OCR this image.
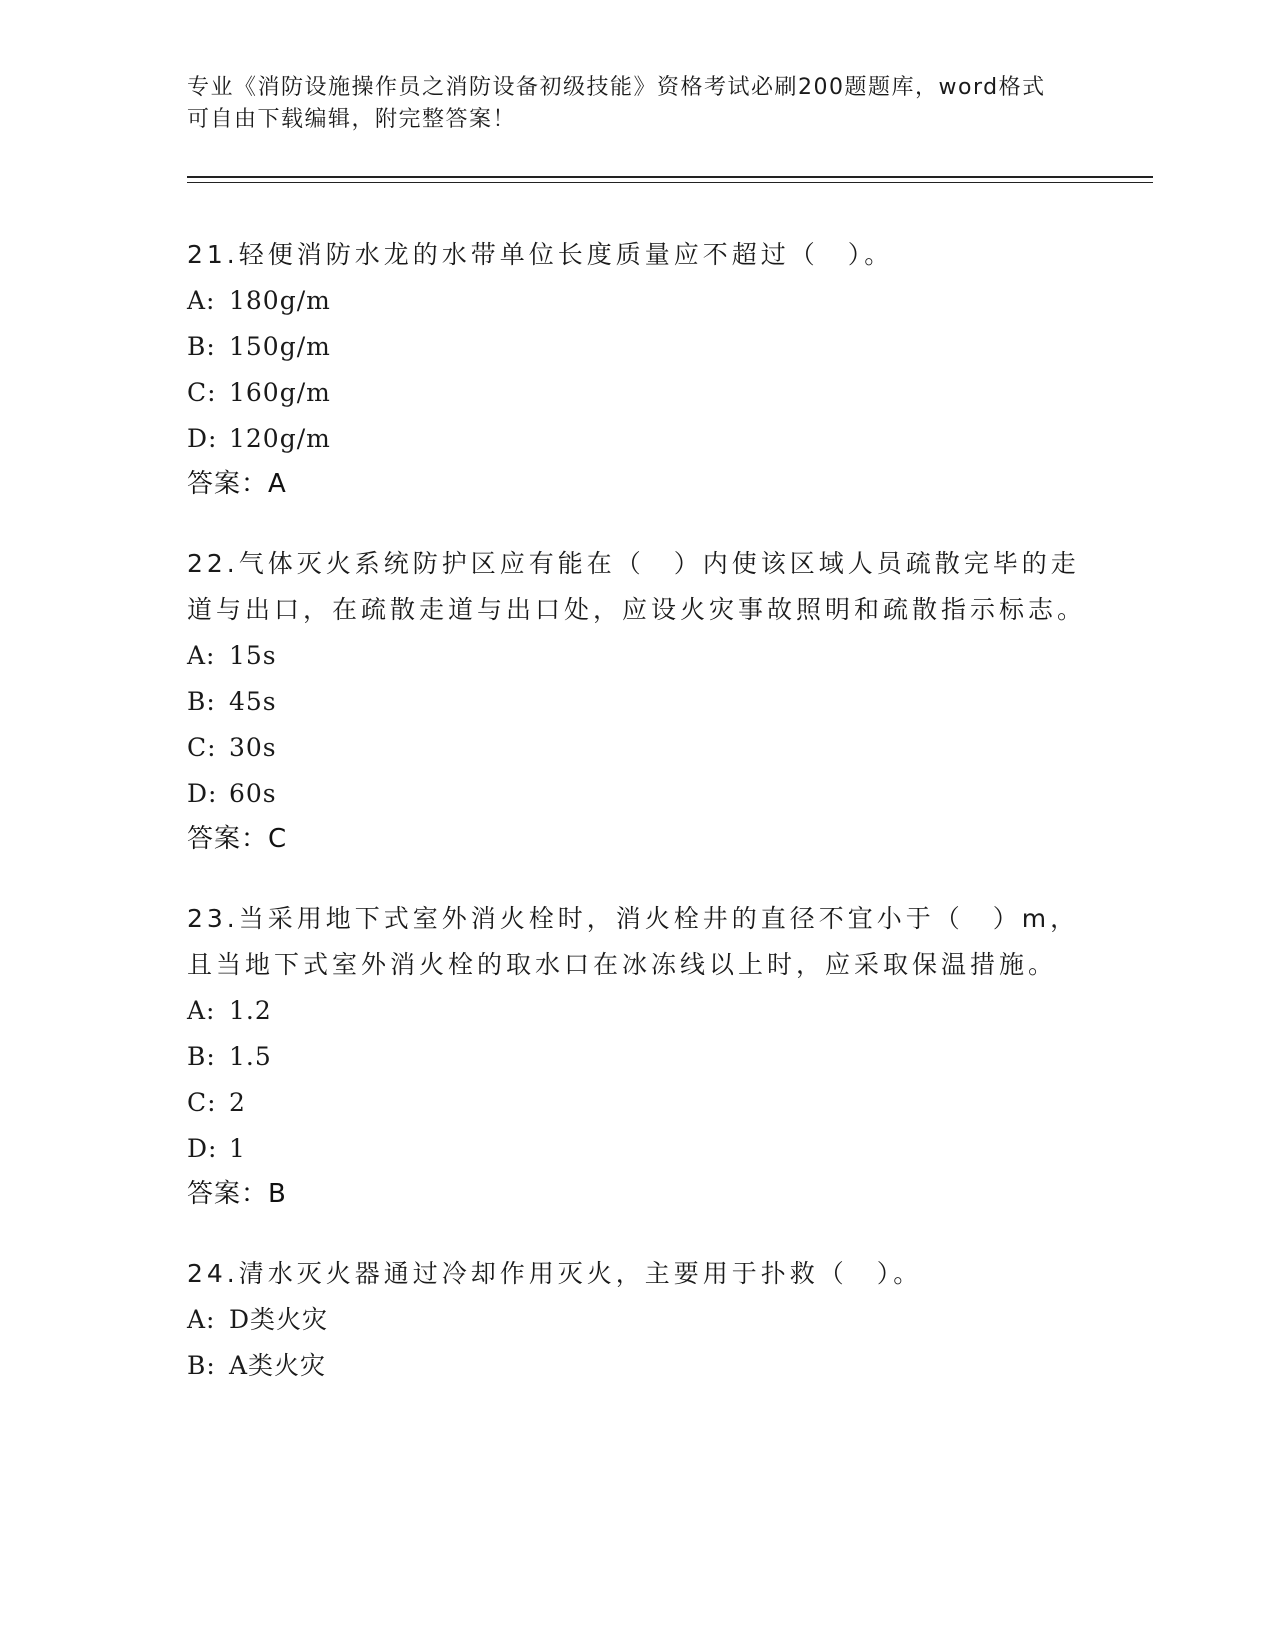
专业《消防设施操作员之消防设备初级技能》资格考试必刷200题题库，word格式可自由下载编辑，附完整答案！
21.轻便消防水龙的水带单位长度质量应不超过（　）。
A: 180g/m
B: 150g/m
C: 160g/m
D: 120g/m
答案：A
22.气体灭火系统防护区应有能在（　）内使该区域人员疏散完毕的走道与出口，在疏散走道与出口处，应设火灾事故照明和疏散指示标志。
A: 15s
B: 45s
C: 30s
D: 60s
答案：C
23.当采用地下式室外消火栓时，消火栓井的直径不宜小于（　）m，且当地下式室外消火栓的取水口在冰冻线以上时，应采取保温措施。
A: 1.2
B: 1.5
C: 2
D: 1
答案：B
24.清水灭火器通过冷却作用灭火，主要用于扑救（　）。
A: D类火灾
B: A类火灾
